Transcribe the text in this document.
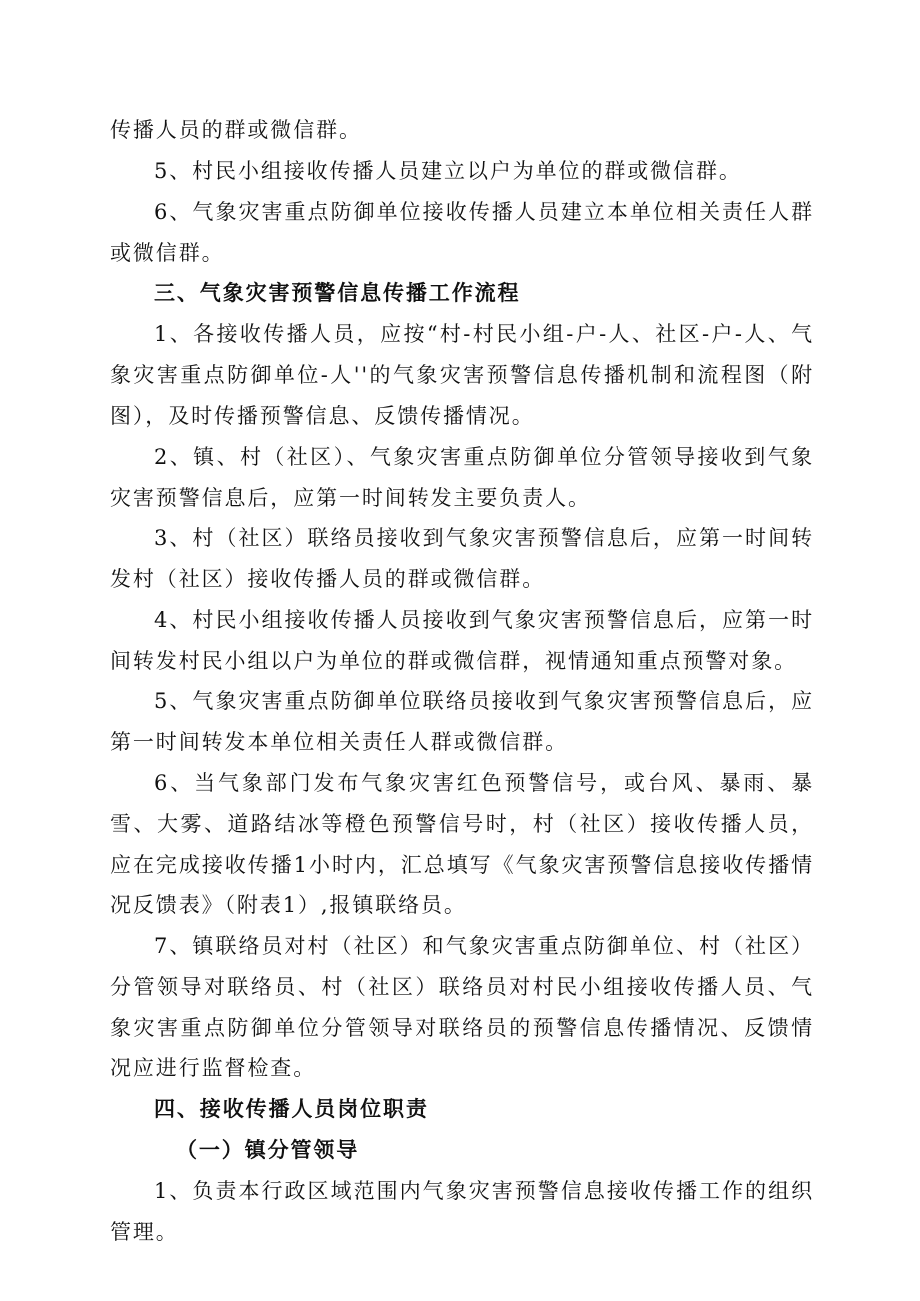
传播人员的群或微信群。

5、村民小组接收传播人员建立以户为单位的群或微信群。

6、气象灾害重点防御单位接收传播人员建立本单位相关责任人群或微信群。

三、气象灾害预警信息传播工作流程

1、各接收传播人员，应按“村-村民小组-户-人、社区-户-人、气象灾害重点防御单位-人''的气象灾害预警信息传播机制和流程图（附图），及时传播预警信息、反馈传播情况。

2、镇、村（社区）、气象灾害重点防御单位分管领导接收到气象灾害预警信息后，应第一时间转发主要负责人。

3、村（社区）联络员接收到气象灾害预警信息后，应第一时间转发村（社区）接收传播人员的群或微信群。

4、村民小组接收传播人员接收到气象灾害预警信息后，应第一时间转发村民小组以户为单位的群或微信群，视情通知重点预警对象。

5、气象灾害重点防御单位联络员接收到气象灾害预警信息后，应第一时间转发本单位相关责任人群或微信群。

6、当气象部门发布气象灾害红色预警信号，或台风、暴雨、暴雪、大雾、道路结冰等橙色预警信号时，村（社区）接收传播人员，应在完成接收传播1小时内，汇总填写《气象灾害预警信息接收传播情况反馈表》（附表1）,报镇联络员。

7、镇联络员对村（社区）和气象灾害重点防御单位、村（社区）分管领导对联络员、村（社区）联络员对村民小组接收传播人员、气象灾害重点防御单位分管领导对联络员的预警信息传播情况、反馈情况应进行监督检查。

四、接收传播人员岗位职责

（一）镇分管领导

1、负责本行政区域范围内气象灾害预警信息接收传播工作的组织管理。
